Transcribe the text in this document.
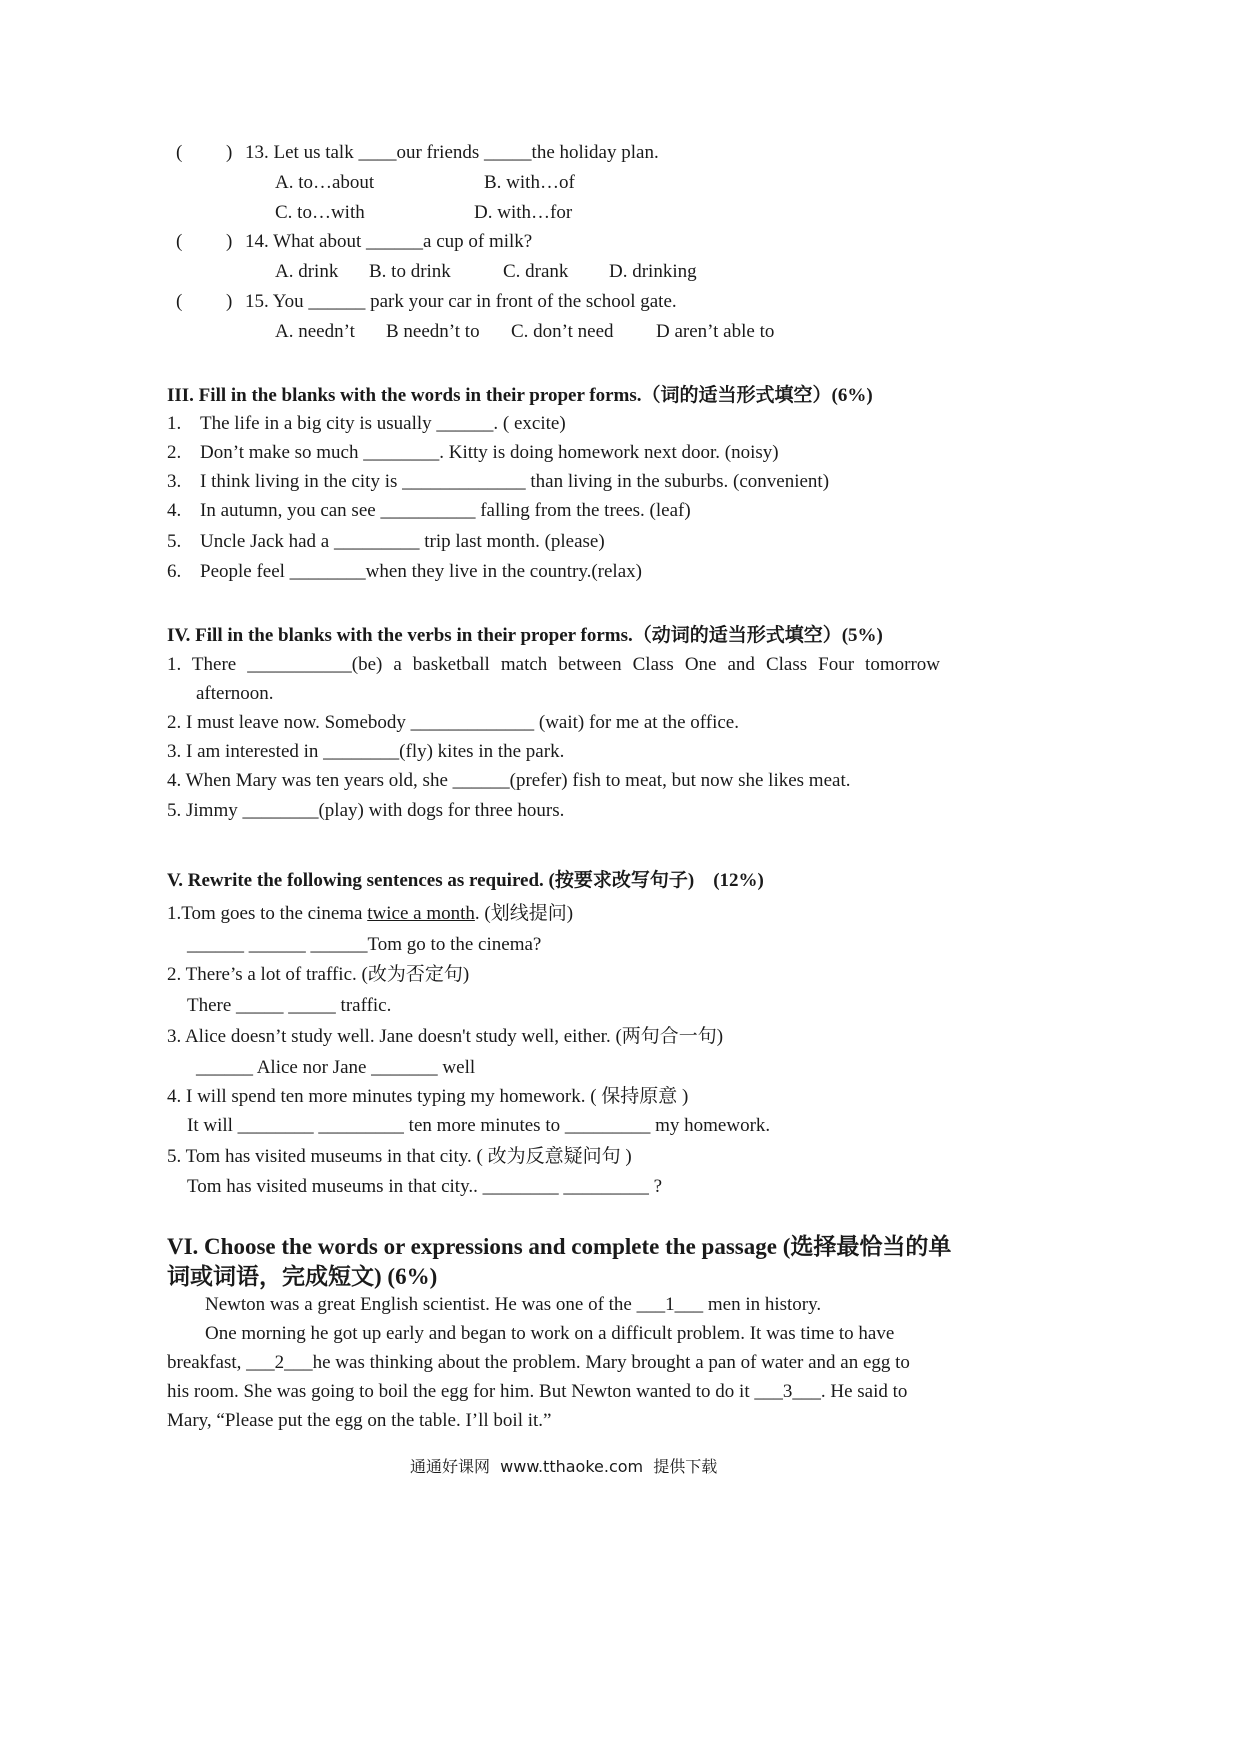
( ) 13. Let us talk ____our friends _____the holiday plan.
A. to…about	B. with…of
C. to…with	D. with…for
( ) 14. What about ______a cup of milk?
A. drink B. to drink	C. drank D. drinking
( ) 15. You ______ park your car in front of the school gate.
A. needn’t B needn’t to C. don’t need D aren’t able to
III. Fill in the blanks with the words in their proper forms.（词的适当形式填空）(6%)
1. The life in a big city is usually ______. ( excite)
2. Don’t make so much ________. Kitty is doing homework next door. (noisy)
3. I think living in the city is _____________ than living in the suburbs. (convenient)
4. In autumn, you can see __________ falling from the trees. (leaf)
5. Uncle Jack had a _________ trip last month. (please)
6. People feel ________when they live in the country.(relax)
IV. Fill in the blanks with the verbs in their proper forms.（动词的适当形式填空）(5%)
1. There ___________(be) a basketball match between Class One and Class Four tomorrow
afternoon.
2. I must leave now. Somebody _____________ (wait) for me at the office.
3. I am interested in ________(fly) kites in the park.
4. When Mary was ten years old, she ______(prefer) fish to meat, but now she likes meat.
5. Jimmy ________(play) with dogs for three hours.
V. Rewrite the following sentences as required. (按要求改写句子)    (12%)
1.Tom goes to the cinema twice a month. (划线提问)
______ ______ ______Tom go to the cinema?
2. There’s a lot of traffic. (改为否定句)
There _____ _____ traffic.
3. Alice doesn’t study well. Jane doesn't study well, either. (两句合一句)
______ Alice nor Jane _______ well
4. I will spend ten more minutes typing my homework. ( 保持原意 )
It will ________ _________ ten more minutes to _________ my homework.
5. Tom has visited museums in that city. ( 改为反意疑问句 )
Tom has visited museums in that city.. ________ _________ ?
VI. Choose the words or expressions and complete the passage (选择最恰当的单
词或词语，完成短文) (6%)
Newton was a great English scientist. He was one of the ___1___ men in history.
One morning he got up early and began to work on a difficult problem. It was time to have
breakfast, ___2___he was thinking about the problem. Mary brought a pan of water and an egg to
his room. She was going to boil the egg for him. But Newton wanted to do it ___3___. He said to
Mary, “Please put the egg on the table. I’ll boil it.”
通通好课网  www.tthaoke.com  提供下载
